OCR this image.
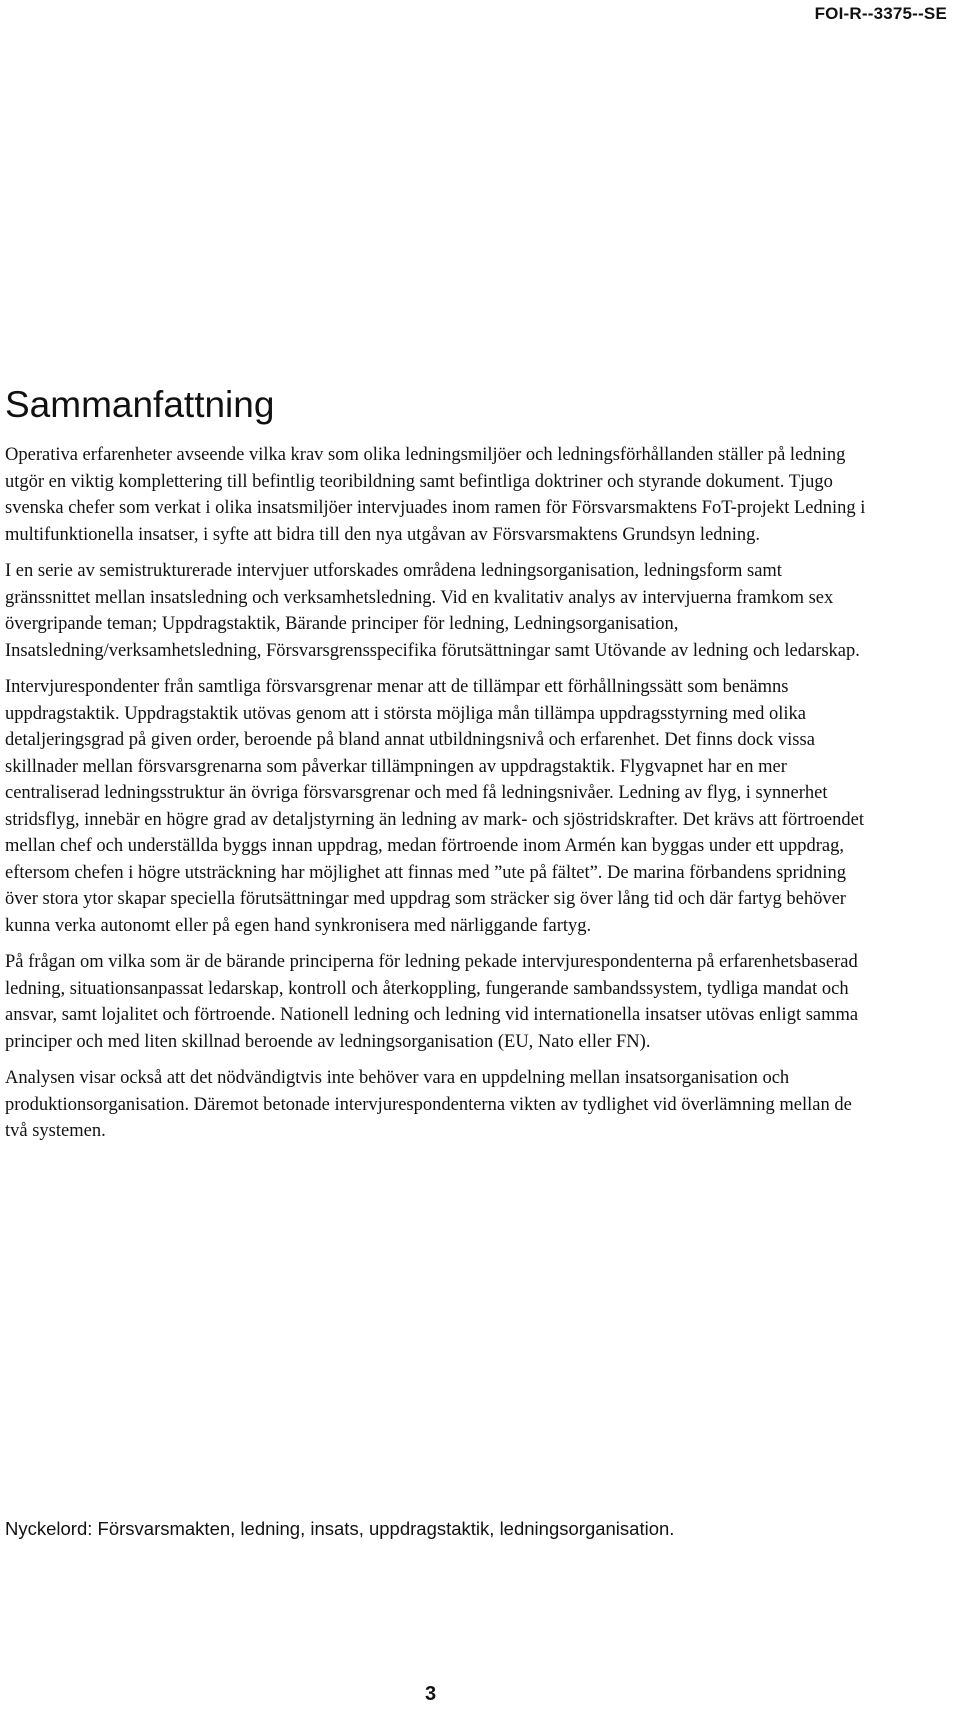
FOI-R--3375--SE
Sammanfattning

Operativa erfarenheter avseende vilka krav som olika ledningsmiljöer och ledningsförhållanden ställer på ledning utgör en viktig komplettering till befintlig teoribildning samt befintliga doktriner och styrande dokument. Tjugo svenska chefer som verkat i olika insatsmiljöer intervjuades inom ramen för Försvarsmaktens FoT-projekt Ledning i multifunktionella insatser, i syfte att bidra till den nya utgåvan av Försvarsmaktens Grundsyn ledning.

I en serie av semistrukturerade intervjuer utforskades områdena ledningsorganisation, ledningsform samt gränssnittet mellan insatsledning och verksamhetsledning. Vid en kvalitativ analys av intervjuerna framkom sex övergripande teman; Uppdragstaktik, Bärande principer för ledning, Ledningsorganisation, Insatsledning/verksamhetsledning, Försvarsgrensspecifika förutsättningar samt Utövande av ledning och ledarskap.

Intervjurespondenter från samtliga försvarsgrenar menar att de tillämpar ett förhållningssätt som benämns uppdragstaktik. Uppdragstaktik utövas genom att i största möjliga mån tillämpa uppdragsstyrning med olika detaljeringsgrad på given order, beroende på bland annat utbildningsnivå och erfarenhet. Det finns dock vissa skillnader mellan försvarsgrenarna som påverkar tillämpningen av uppdragstaktik. Flygvapnet har en mer centraliserad ledningsstruktur än övriga försvarsgrenar och med få ledningsnivåer. Ledning av flyg, i synnerhet stridsflyg, innebär en högre grad av detaljstyrning än ledning av mark- och sjöstridskrafter. Det krävs att förtroendet mellan chef och underställda byggs innan uppdrag, medan förtroende inom Armén kan byggas under ett uppdrag, eftersom chefen i högre utsträckning har möjlighet att finnas med ”ute på fältet”. De marina förbandens spridning över stora ytor skapar speciella förutsättningar med uppdrag som sträcker sig över lång tid och där fartyg behöver kunna verka autonomt eller på egen hand synkronisera med närliggande fartyg.

På frågan om vilka som är de bärande principerna för ledning pekade intervjurespondenterna på erfarenhetsbaserad ledning, situationsanpassat ledarskap, kontroll och återkoppling, fungerande sambandssystem, tydliga mandat och ansvar, samt lojalitet och förtroende. Nationell ledning och ledning vid internationella insatser utövas enligt samma principer och med liten skillnad beroende av ledningsorganisation (EU, Nato eller FN).

Analysen visar också att det nödvändigtvis inte behöver vara en uppdelning mellan insatsorganisation och produktionsorganisation. Däremot betonade intervjurespondenterna vikten av tydlighet vid överlämning mellan de två systemen.

Nyckelord: Försvarsmakten, ledning, insats, uppdragstaktik, ledningsorganisation.

3
